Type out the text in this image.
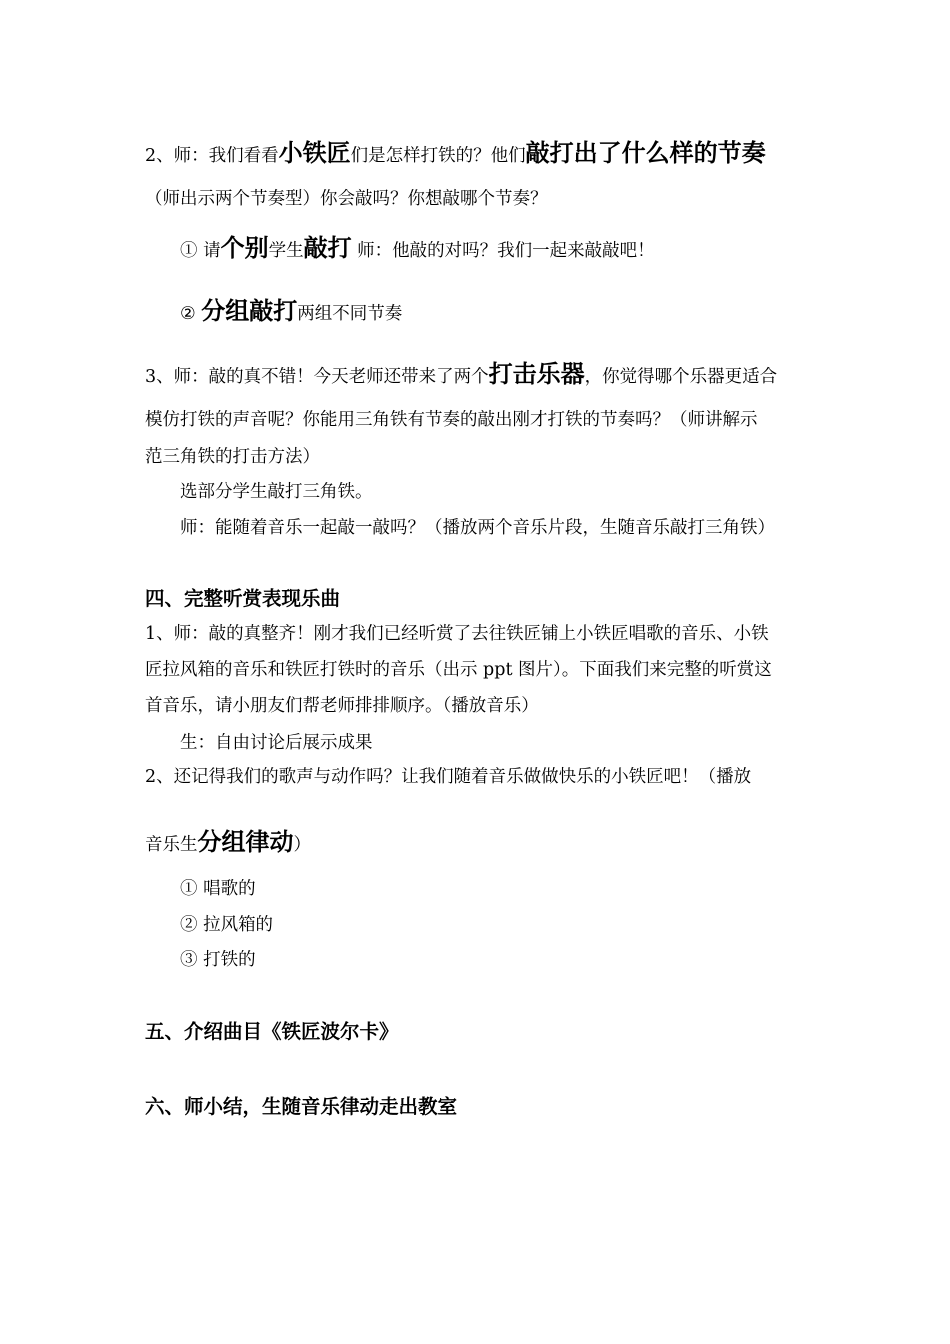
2、师：我们看看小铁匠们是怎样打铁的？他们敲打出了什么样的节奏
（师出示两个节奏型）你会敲吗？你想敲哪个节奏？
① 请个别学生敲打 师：他敲的对吗？我们一起来敲敲吧！
② 分组敲打两组不同节奏
3、师：敲的真不错！今天老师还带来了两个打击乐器，你觉得哪个乐器更适合
模仿打铁的声音呢？你能用三角铁有节奏的敲出刚才打铁的节奏吗？（师讲解示
范三角铁的打击方法）
选部分学生敲打三角铁。
师：能随着音乐一起敲一敲吗？（播放两个音乐片段，生随音乐敲打三角铁）
四、完整听赏表现乐曲
1、师：敲的真整齐！刚才我们已经听赏了去往铁匠铺上小铁匠唱歌的音乐、小铁
匠拉风箱的音乐和铁匠打铁时的音乐（出示 ppt 图片）。下面我们来完整的听赏这
首音乐，请小朋友们帮老师排排顺序。（播放音乐）
生：自由讨论后展示成果
2、还记得我们的歌声与动作吗？让我们随着音乐做做快乐的小铁匠吧！（播放
音乐生分组律动）
① 唱歌的
② 拉风箱的
③ 打铁的
五、介绍曲目《铁匠波尔卡》
六、师小结，生随音乐律动走出教室
